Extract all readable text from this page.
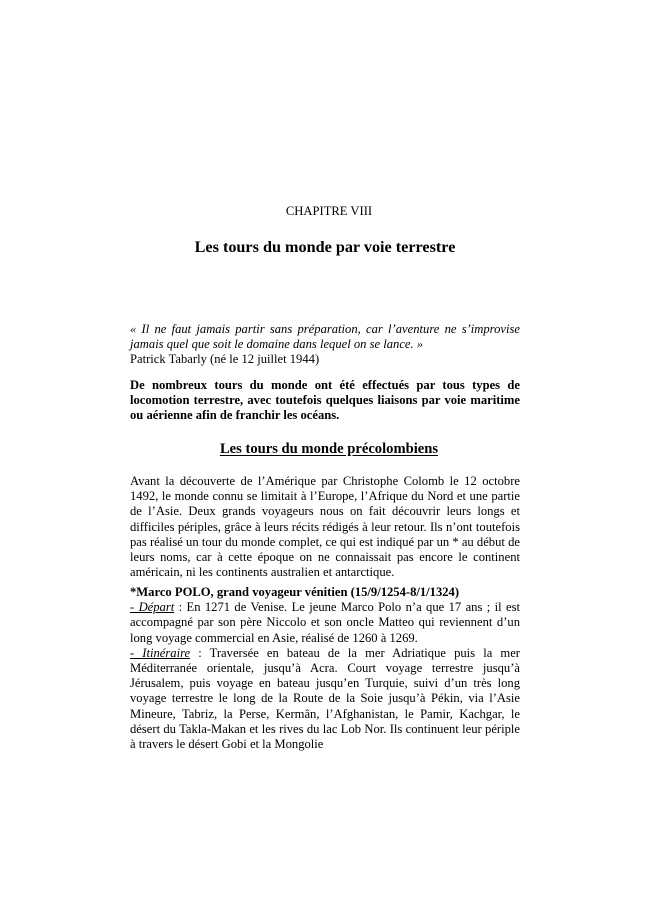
CHAPITRE VIII
Les tours du monde par voie terrestre
« Il ne faut jamais partir sans préparation, car l’aventure ne s’improvise jamais quel que soit le domaine dans lequel on se lance. »
Patrick Tabarly (né le 12 juillet 1944)
De nombreux tours du monde ont été effectués par tous types de locomotion terrestre, avec toutefois quelques liaisons par voie maritime ou aérienne afin de franchir les océans.
Les tours du monde précolombiens
Avant la découverte de l’Amérique par Christophe Colomb le 12 octobre 1492, le monde connu se limitait à l’Europe, l’Afrique du Nord et une partie de l’Asie. Deux grands voyageurs nous on fait découvrir leurs longs et difficiles périples, grâce à leurs récits rédigés à leur retour. Ils n’ont toutefois pas réalisé un tour du monde complet, ce qui est indiqué par un * au début de leurs noms, car à cette époque on ne connaissait pas encore le continent américain, ni les continents australien et antarctique.
*Marco POLO, grand voyageur vénitien (15/9/1254-8/1/1324)
- Départ : En 1271 de Venise. Le jeune Marco Polo n’a que 17 ans ; il est accompagné par son père Niccolo et son oncle Matteo qui reviennent d’un long voyage commercial en Asie, réalisé de 1260 à 1269.
- Itinéraire : Traversée en bateau de la mer Adriatique puis la mer Méditerranée orientale, jusqu’à Acra. Court voyage terrestre jusqu’à Jérusalem, puis voyage en bateau jusqu’en Turquie, suivi d’un très long voyage terrestre le long de la Route de la Soie jusqu’à Pékin, via l’Asie Mineure, Tabriz, la Perse, Kermân, l’Afghanistan, le Pamir, Kachgar, le désert du Takla-Makan et les rives du lac Lob Nor. Ils continuent leur périple à travers le désert Gobi et la Mongolie
